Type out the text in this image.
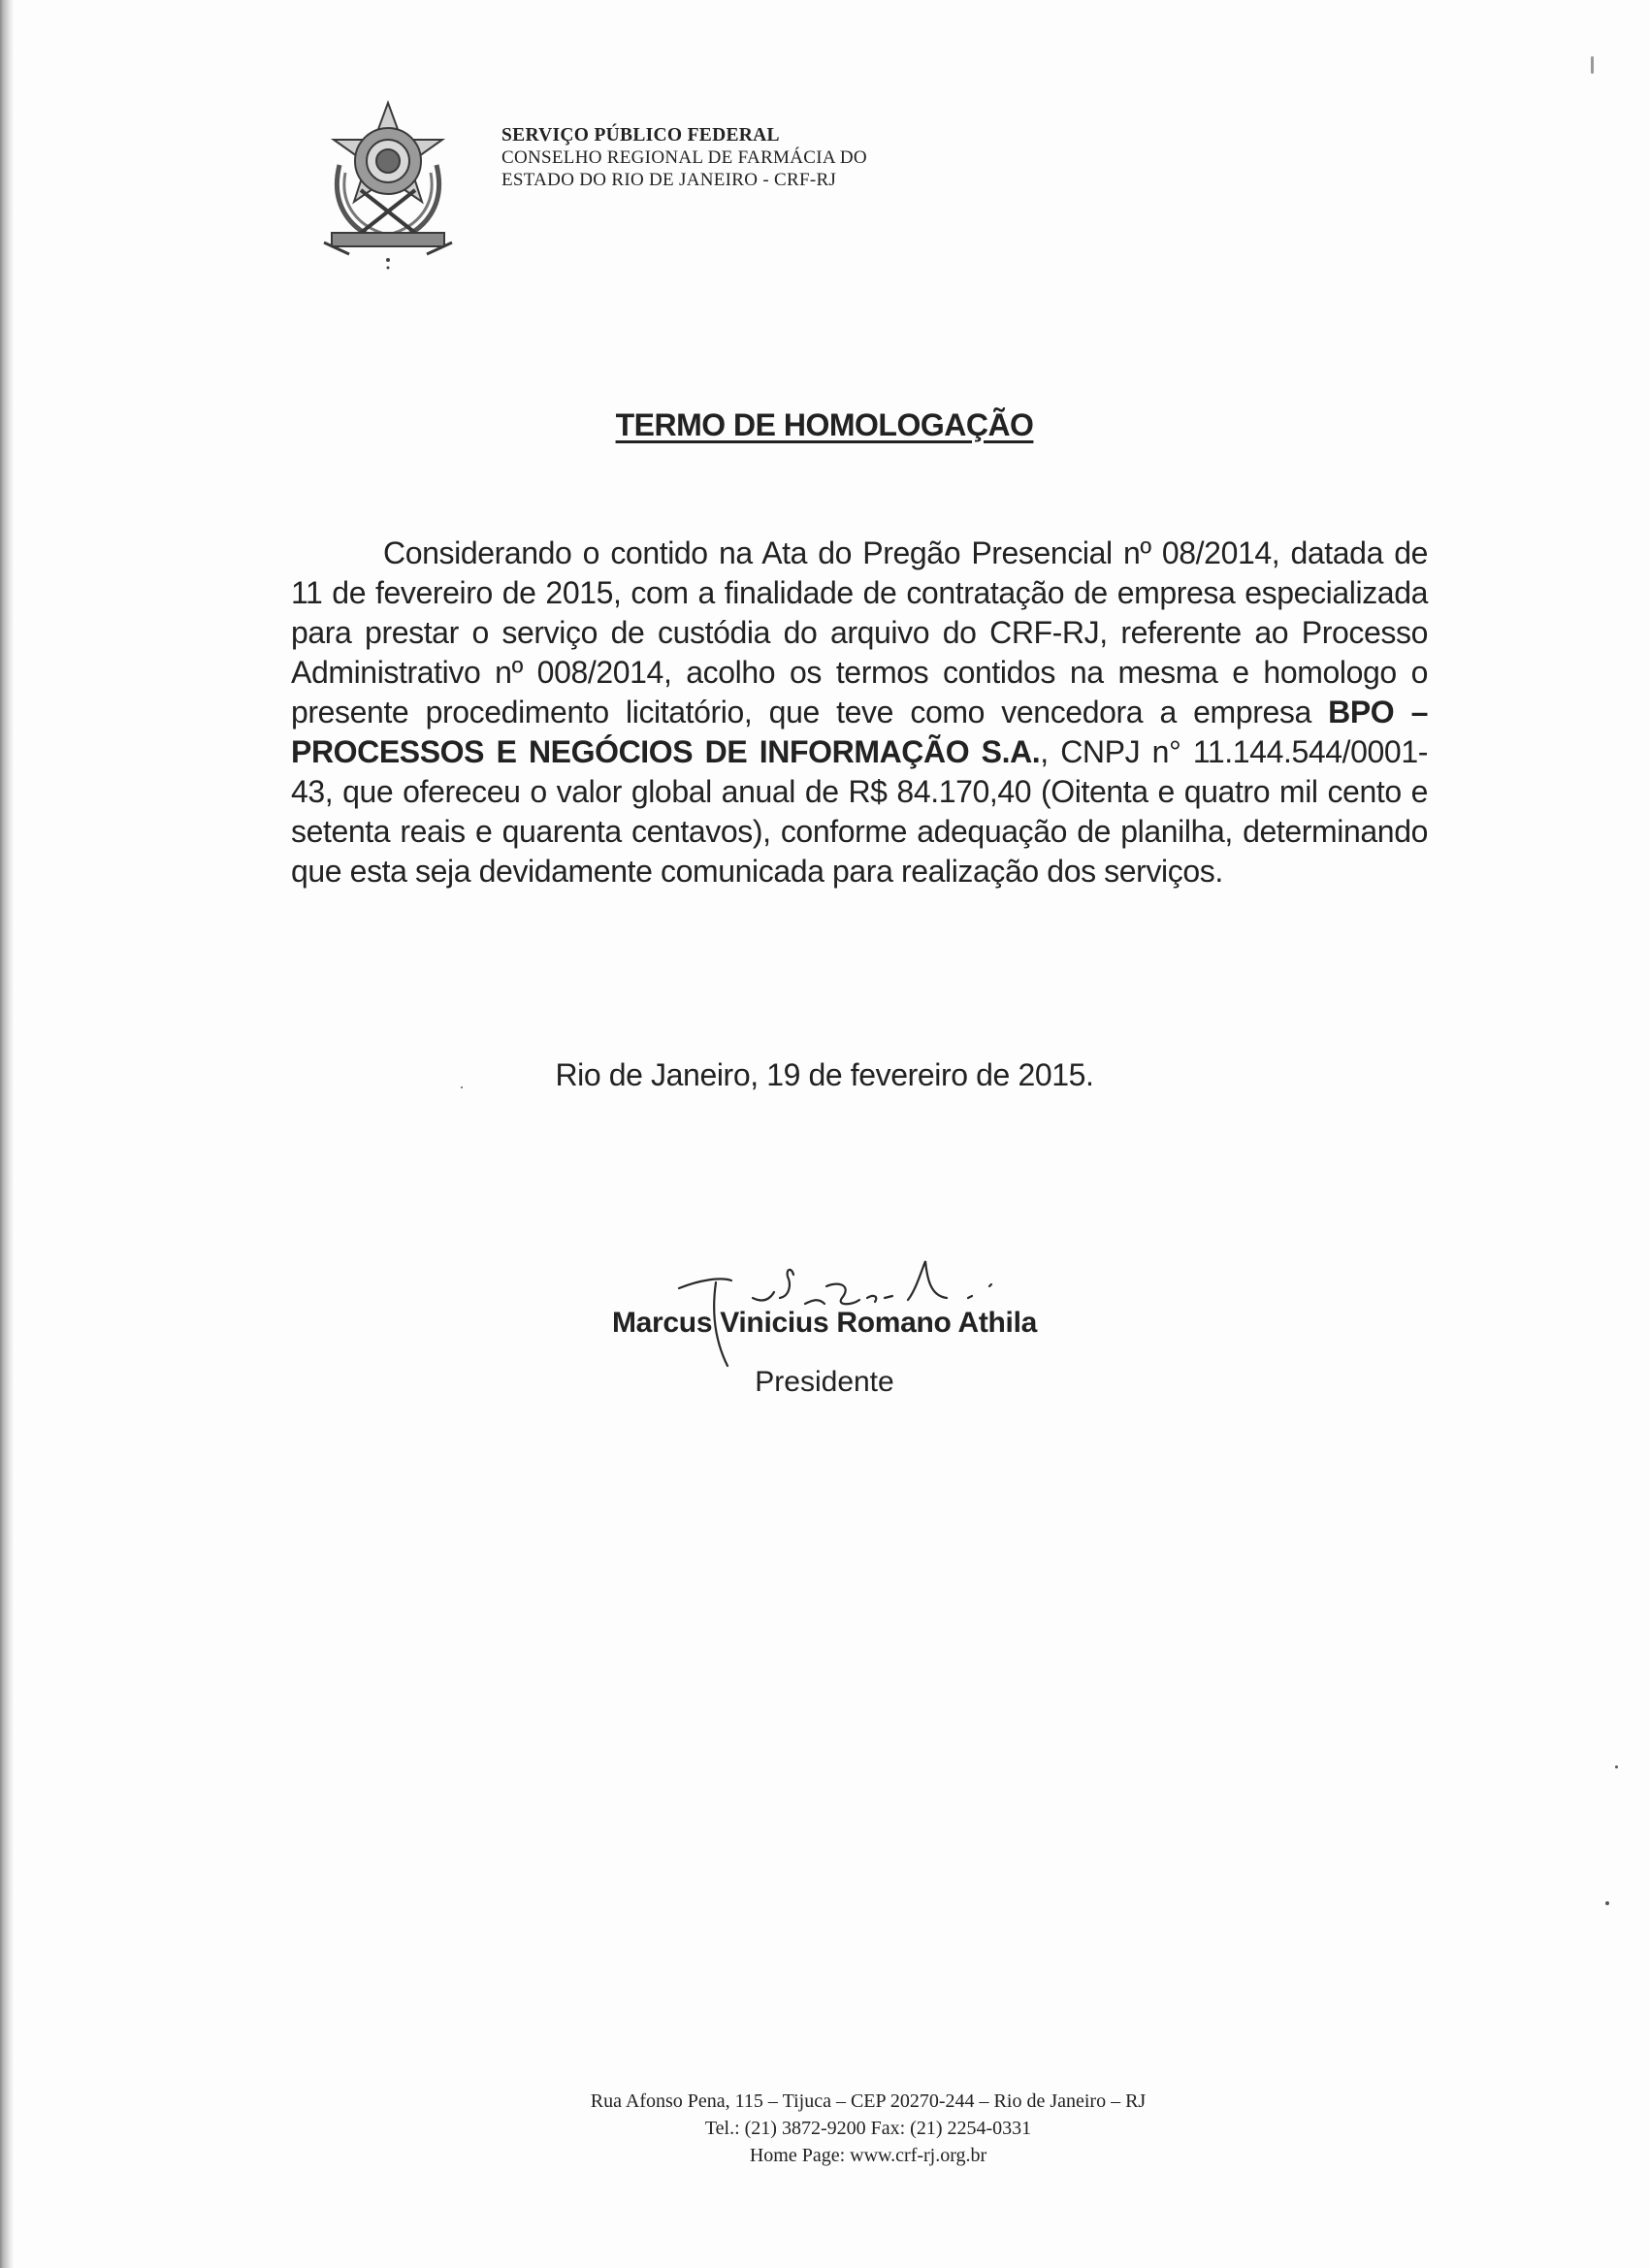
SERVIÇO PÚBLICO FEDERAL
CONSELHO REGIONAL DE FARMÁCIA DO
ESTADO DO RIO DE JANEIRO - CRF-RJ
TERMO DE HOMOLOGAÇÃO
Considerando o contido na Ata do Pregão Presencial nº 08/2014, datada de 11 de fevereiro de 2015, com a finalidade de contratação de empresa especializada para prestar o serviço de custódia do arquivo do CRF-RJ, referente ao Processo Administrativo nº 008/2014, acolho os termos contidos na mesma e homologo o presente procedimento licitatório, que teve como vencedora a empresa BPO – PROCESSOS E NEGÓCIOS DE INFORMAÇÃO S.A., CNPJ n° 11.144.544/0001-43, que ofereceu o valor global anual de R$ 84.170,40 (Oitenta e quatro mil cento e setenta reais e quarenta centavos), conforme adequação de planilha, determinando que esta seja devidamente comunicada para realização dos serviços.
Rio de Janeiro, 19 de fevereiro de 2015.
Marcus Vinicius Romano Athila
Presidente
Rua Afonso Pena, 115 – Tijuca – CEP 20270-244 – Rio de Janeiro – RJ
Tel.: (21) 3872-9200 Fax: (21) 2254-0331
Home Page: www.crf-rj.org.br
